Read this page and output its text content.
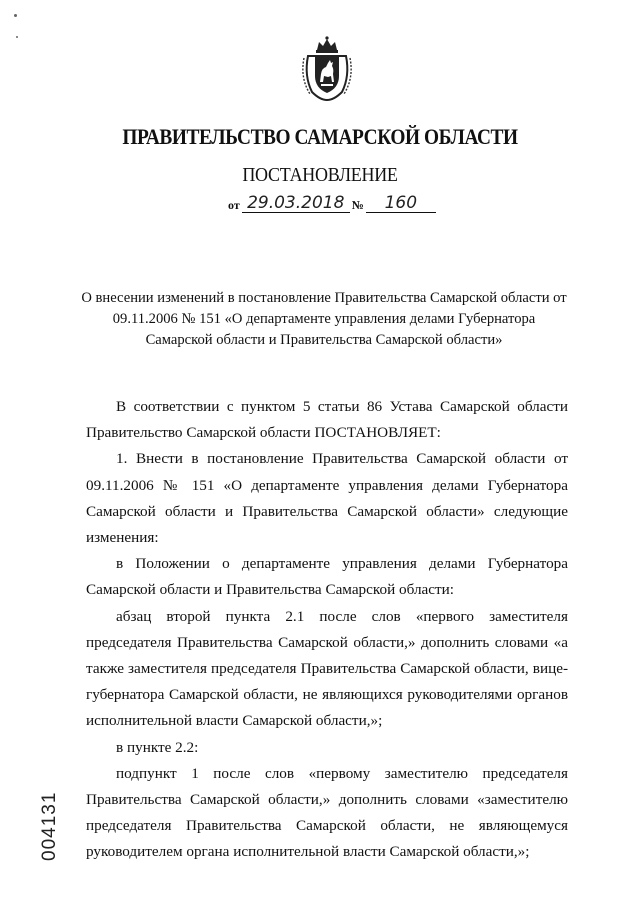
ПРАВИТЕЛЬСТВО САМАРСКОЙ ОБЛАСТИ
ПОСТАНОВЛЕНИЕ
от 29.03.2018 № 160
О внесении изменений в постановление Правительства Самарской области от 09.11.2006 № 151 «О департаменте управления делами Губернатора Самарской области и Правительства Самарской области»

В соответствии с пунктом 5 статьи 86 Устава Самарской области Правительство Самарской области ПОСТАНОВЛЯЕТ:

1. Внести в постановление Правительства Самарской области от 09.11.2006 № 151 «О департаменте управления делами Губернатора Самарской области и Правительства Самарской области» следующие изменения:

в Положении о департаменте управления делами Губернатора Самарской области и Правительства Самарской области:

абзац второй пункта 2.1 после слов «первого заместителя председателя Правительства Самарской области,» дополнить словами «а также заместителя председателя Правительства Самарской области, вице-губернатора Самарской области, не являющихся руководителями органов исполнительной власти Самарской области,»;

в пункте 2.2:

подпункт 1 после слов «первому заместителю председателя Правительства Самарской области,» дополнить словами «заместителю председателя Правительства Самарской области, не являющемуся руководителем органа исполнительной власти Самарской области,»;

004131
